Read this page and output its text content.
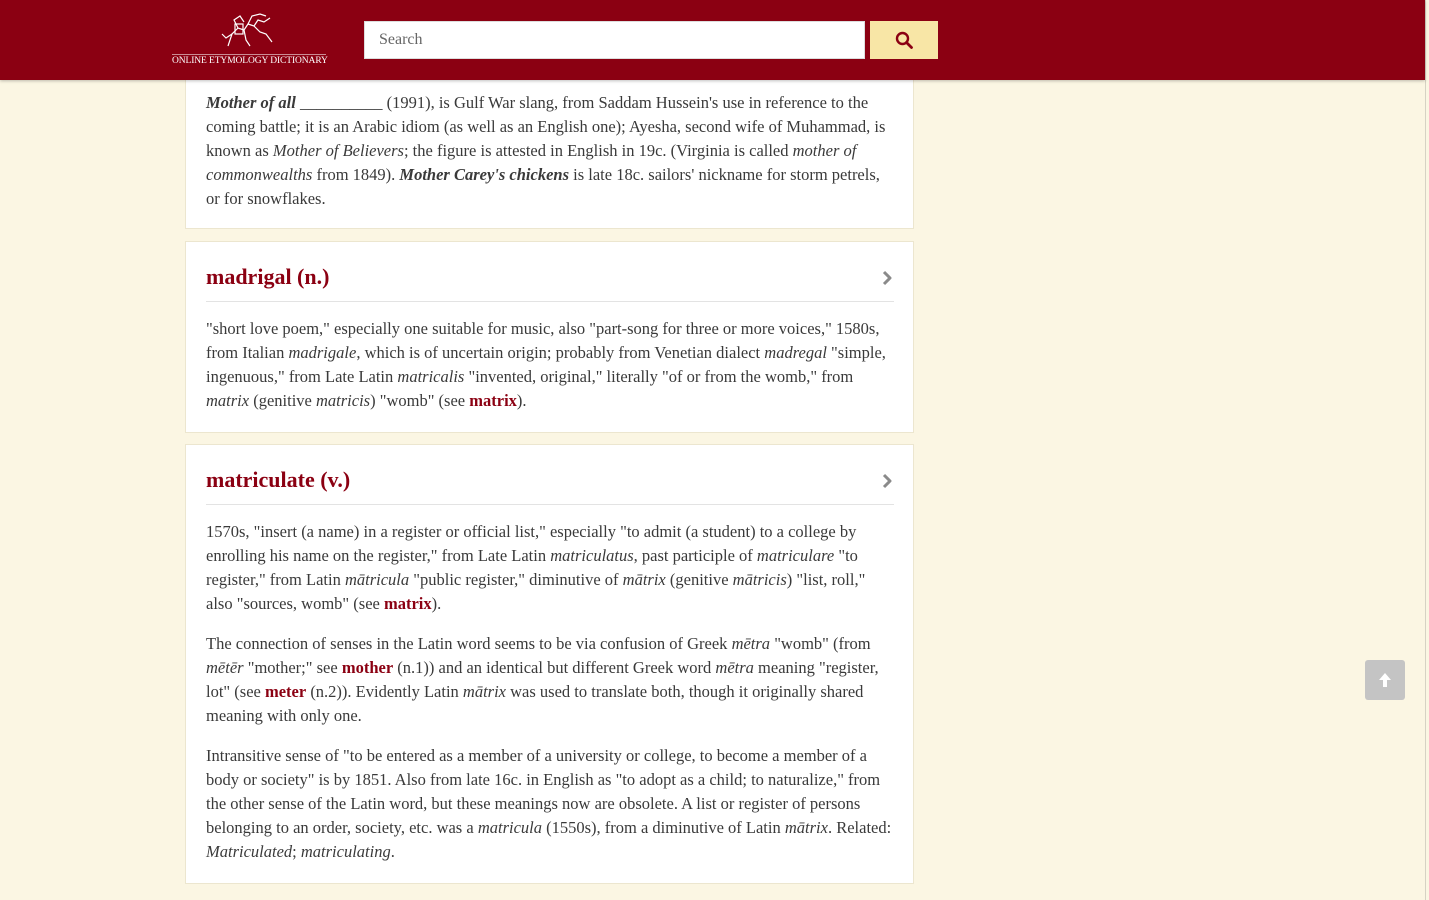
ONLINE ETYMOLOGY DICTIONARY
Search

Mother of all __________ (1991), is Gulf War slang, from Saddam Hussein's use in reference to the coming battle; it is an Arabic idiom (as well as an English one); Ayesha, second wife of Muhammad, is known as Mother of Believers; the figure is attested in English in 19c. (Virginia is called mother of commonwealths from 1849). Mother Carey's chickens is late 18c. sailors' nickname for storm petrels, or for snowflakes.

madrigal (n.)

"short love poem," especially one suitable for music, also "part-song for three or more voices," 1580s, from Italian madrigale, which is of uncertain origin; probably from Venetian dialect madregal "simple, ingenuous," from Late Latin matricalis "invented, original," literally "of or from the womb," from matrix (genitive matricis) "womb" (see matrix).

matriculate (v.)

1570s, "insert (a name) in a register or official list," especially "to admit (a student) to a college by enrolling his name on the register," from Late Latin matriculatus, past participle of matriculare "to register," from Latin mātricula "public register," diminutive of mātrix (genitive mātricis) "list, roll," also "sources, womb" (see matrix).

The connection of senses in the Latin word seems to be via confusion of Greek mētra "womb" (from mētēr "mother;" see mother (n.1)) and an identical but different Greek word mētra meaning "register, lot" (see meter (n.2)). Evidently Latin mātrix was used to translate both, though it originally shared meaning with only one.

Intransitive sense of "to be entered as a member of a university or college, to become a member of a body or society" is by 1851. Also from late 16c. in English as "to adopt as a child; to naturalize," from the other sense of the Latin word, but these meanings now are obsolete. A list or register of persons belonging to an order, society, etc. was a matricula (1550s), from a diminutive of Latin mātrix. Related: Matriculated; matriculating.
